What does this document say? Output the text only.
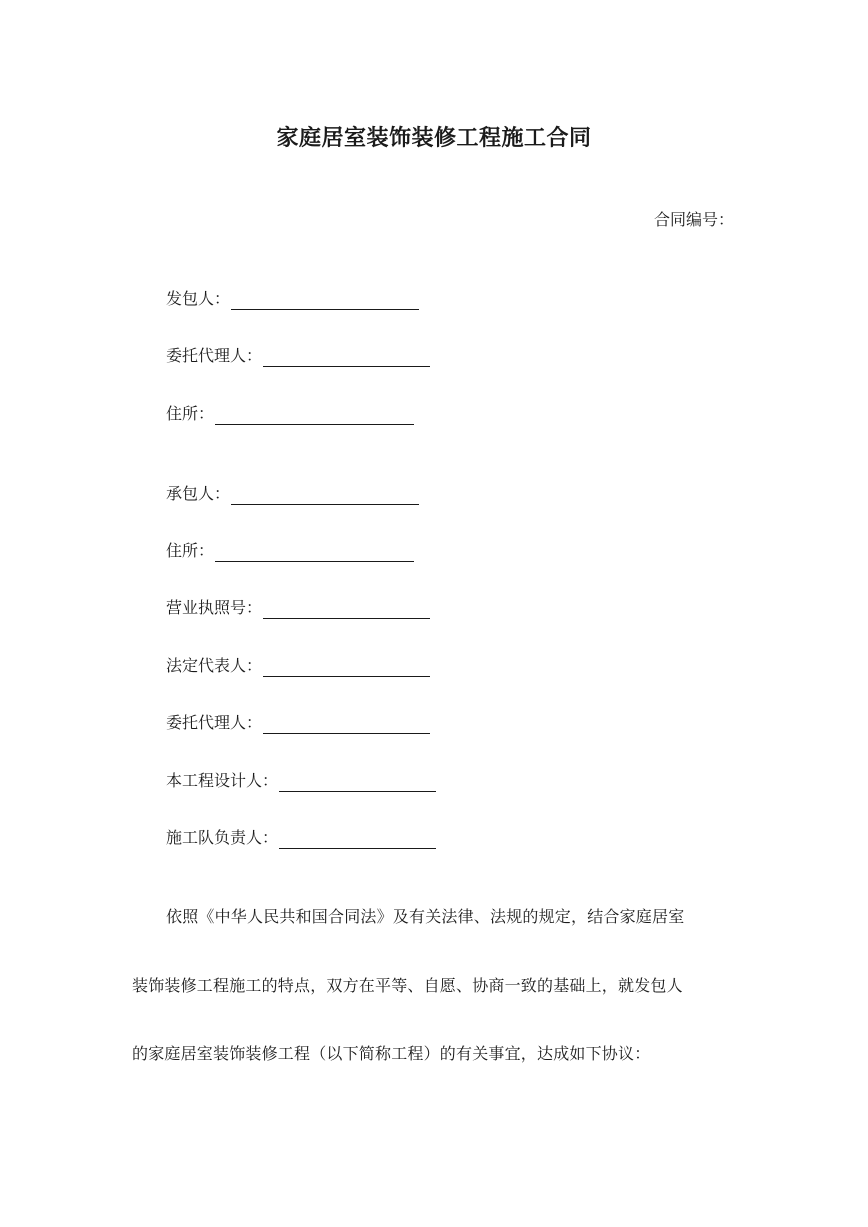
家庭居室装饰装修工程施工合同

合同编号：

发包人：
委托代理人：
住所：
承包人：
住所：
营业执照号：
法定代表人：
委托代理人：
本工程设计人：
施工队负责人：

依照《中华人民共和国合同法》及有关法律、法规的规定，结合家庭居室

装饰装修工程施工的特点，双方在平等、自愿、协商一致的基础上，就发包人

的家庭居室装饰装修工程（以下简称工程）的有关事宜，达成如下协议：
